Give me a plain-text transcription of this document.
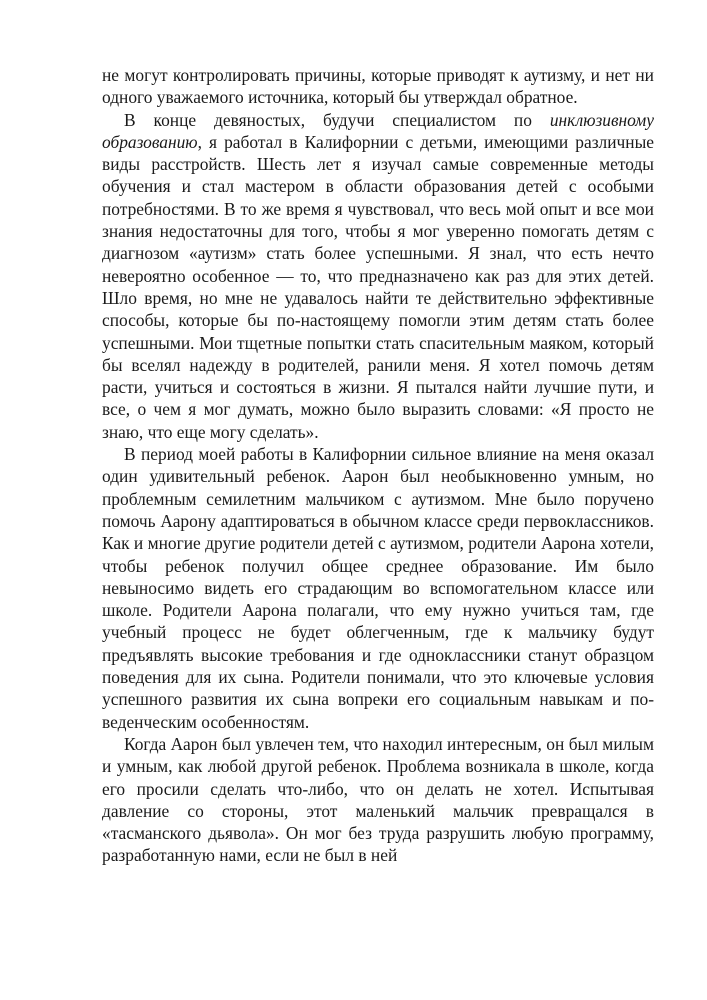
не могут контролировать причины, которые приводят к аутизму, и нет ни одного уважаемого источника, который бы утверждал обратное.

В конце девяностых, будучи специалистом по инклюзивному образованию, я работал в Калифорнии с детьми, имеющими различные виды расстройств. Шесть лет я изучал самые современные методы обучения и стал мастером в области образования детей с особыми потребностями. В то же время я чувствовал, что весь мой опыт и все мои знания недостаточны для того, чтобы я мог уверенно помогать детям с диагнозом «аутизм» стать более успешными. Я знал, что есть нечто невероятно особенное — то, что предназначено как раз для этих детей. Шло время, но мне не удавалось найти те действительно эффективные способы, которые бы по-настоящему помогли этим детям стать более успешными. Мои тщетные попытки стать спасительным маяком, который бы вселял надежду в родителей, ранили меня. Я хотел помочь детям расти, учиться и состояться в жизни. Я пытался найти лучшие пути, и все, о чем я мог думать, можно было выразить словами: «Я просто не знаю, что еще могу сделать».

В период моей работы в Калифорнии сильное влияние на меня оказал один удивительный ребенок. Аарон был необыкновенно умным, но проблемным семилетним мальчиком с аутизмом. Мне было поручено помочь Аарону адаптироваться в обычном классе среди первоклассников. Как и многие другие родители детей с аутизмом, родители Аарона хотели, чтобы ребенок получил общее среднее образование. Им было невыносимо видеть его страдающим во вспомогательном классе или школе. Родители Аарона полагали, что ему нужно учиться там, где учебный процесс не будет облегченным, где к мальчику будут предъявлять высокие требования и где одноклассники станут образцом поведения для их сына. Родители понимали, что это ключевые условия успешного развития их сына вопреки его социальным навыкам и по-веденческим особенностям.

Когда Аарон был увлечен тем, что находил интересным, он был милым и умным, как любой другой ребенок. Проблема возникала в школе, когда его просили сделать что-либо, что он делать не хотел. Испытывая давление со стороны, этот маленький мальчик превращался в «тасманского дьявола». Он мог без труда разрушить любую программу, разработанную нами, если не был в ней
